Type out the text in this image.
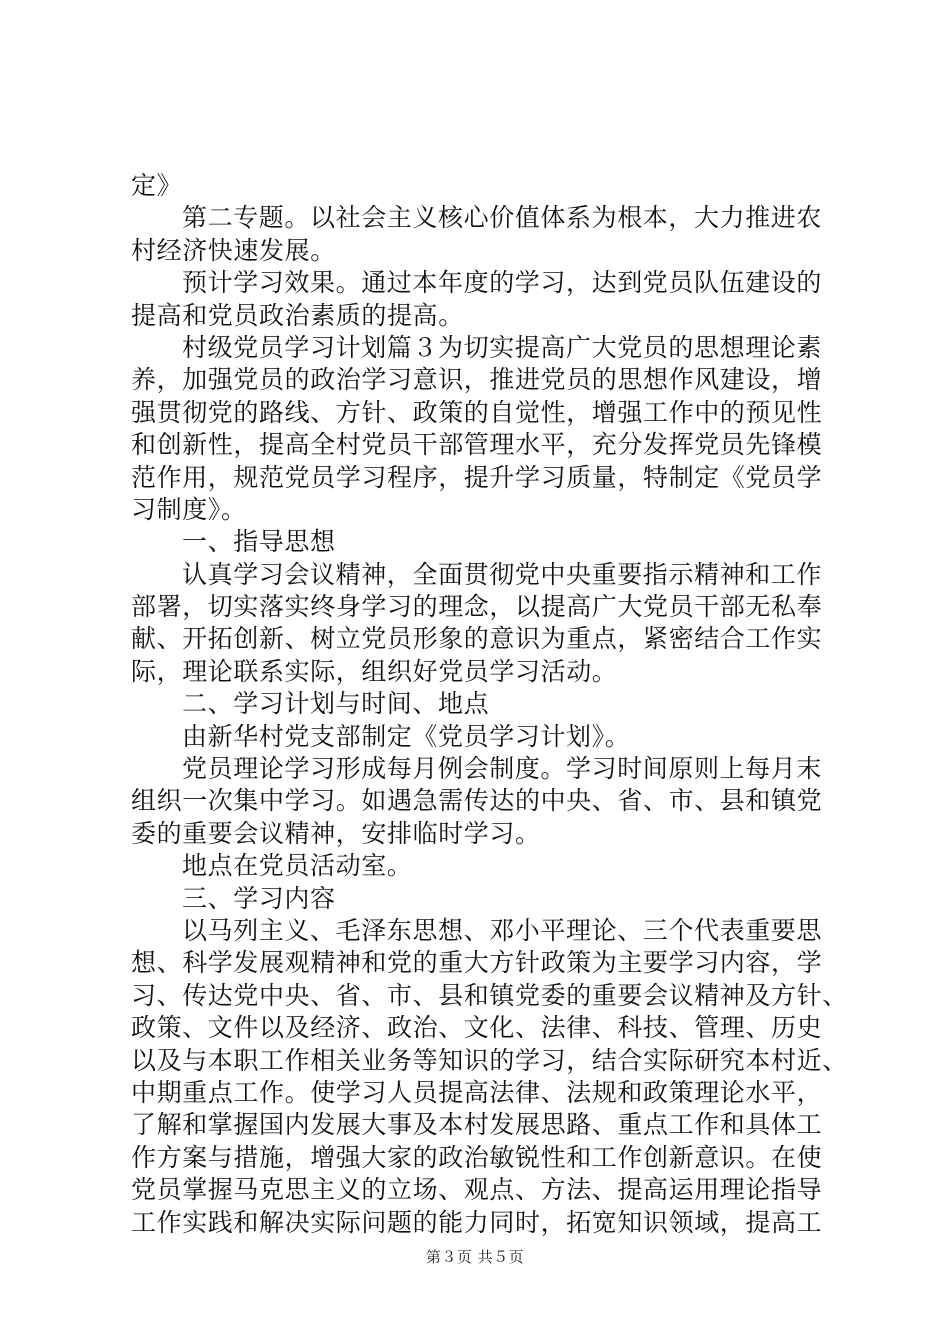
定》
第二专题。以社会主义核心价值体系为根本，大力推进农
村经济快速发展。
预计学习效果。通过本年度的学习，达到党员队伍建设的
提高和党员政治素质的提高。
村级党员学习计划篇３为切实提高广大党员的思想理论素
养，加强党员的政治学习意识，推进党员的思想作风建设，增
强贯彻党的路线、方针、政策的自觉性，增强工作中的预见性
和创新性，提高全村党员干部管理水平，充分发挥党员先锋模
范作用，规范党员学习程序，提升学习质量，特制定《党员学
习制度》。
一、指导思想
认真学习会议精神，全面贯彻党中央重要指示精神和工作
部署，切实落实终身学习的理念，以提高广大党员干部无私奉
献、开拓创新、树立党员形象的意识为重点，紧密结合工作实
际，理论联系实际，组织好党员学习活动。
二、学习计划与时间、地点
由新华村党支部制定《党员学习计划》。
党员理论学习形成每月例会制度。学习时间原则上每月末
组织一次集中学习。如遇急需传达的中央、省、市、县和镇党
委的重要会议精神，安排临时学习。
地点在党员活动室。
三、学习内容
以马列主义、毛泽东思想、邓小平理论、三个代表重要思
想、科学发展观精神和党的重大方针政策为主要学习内容，学
习、传达党中央、省、市、县和镇党委的重要会议精神及方针、
政策、文件以及经济、政治、文化、法律、科技、管理、历史
以及与本职工作相关业务等知识的学习，结合实际研究本村近、
中期重点工作。使学习人员提高法律、法规和政策理论水平，
了解和掌握国内发展大事及本村发展思路、重点工作和具体工
作方案与措施，增强大家的政治敏锐性和工作创新意识。在使
党员掌握马克思主义的立场、观点、方法、提高运用理论指导
工作实践和解决实际问题的能力同时，拓宽知识领域，提高工
第３页 共５页
